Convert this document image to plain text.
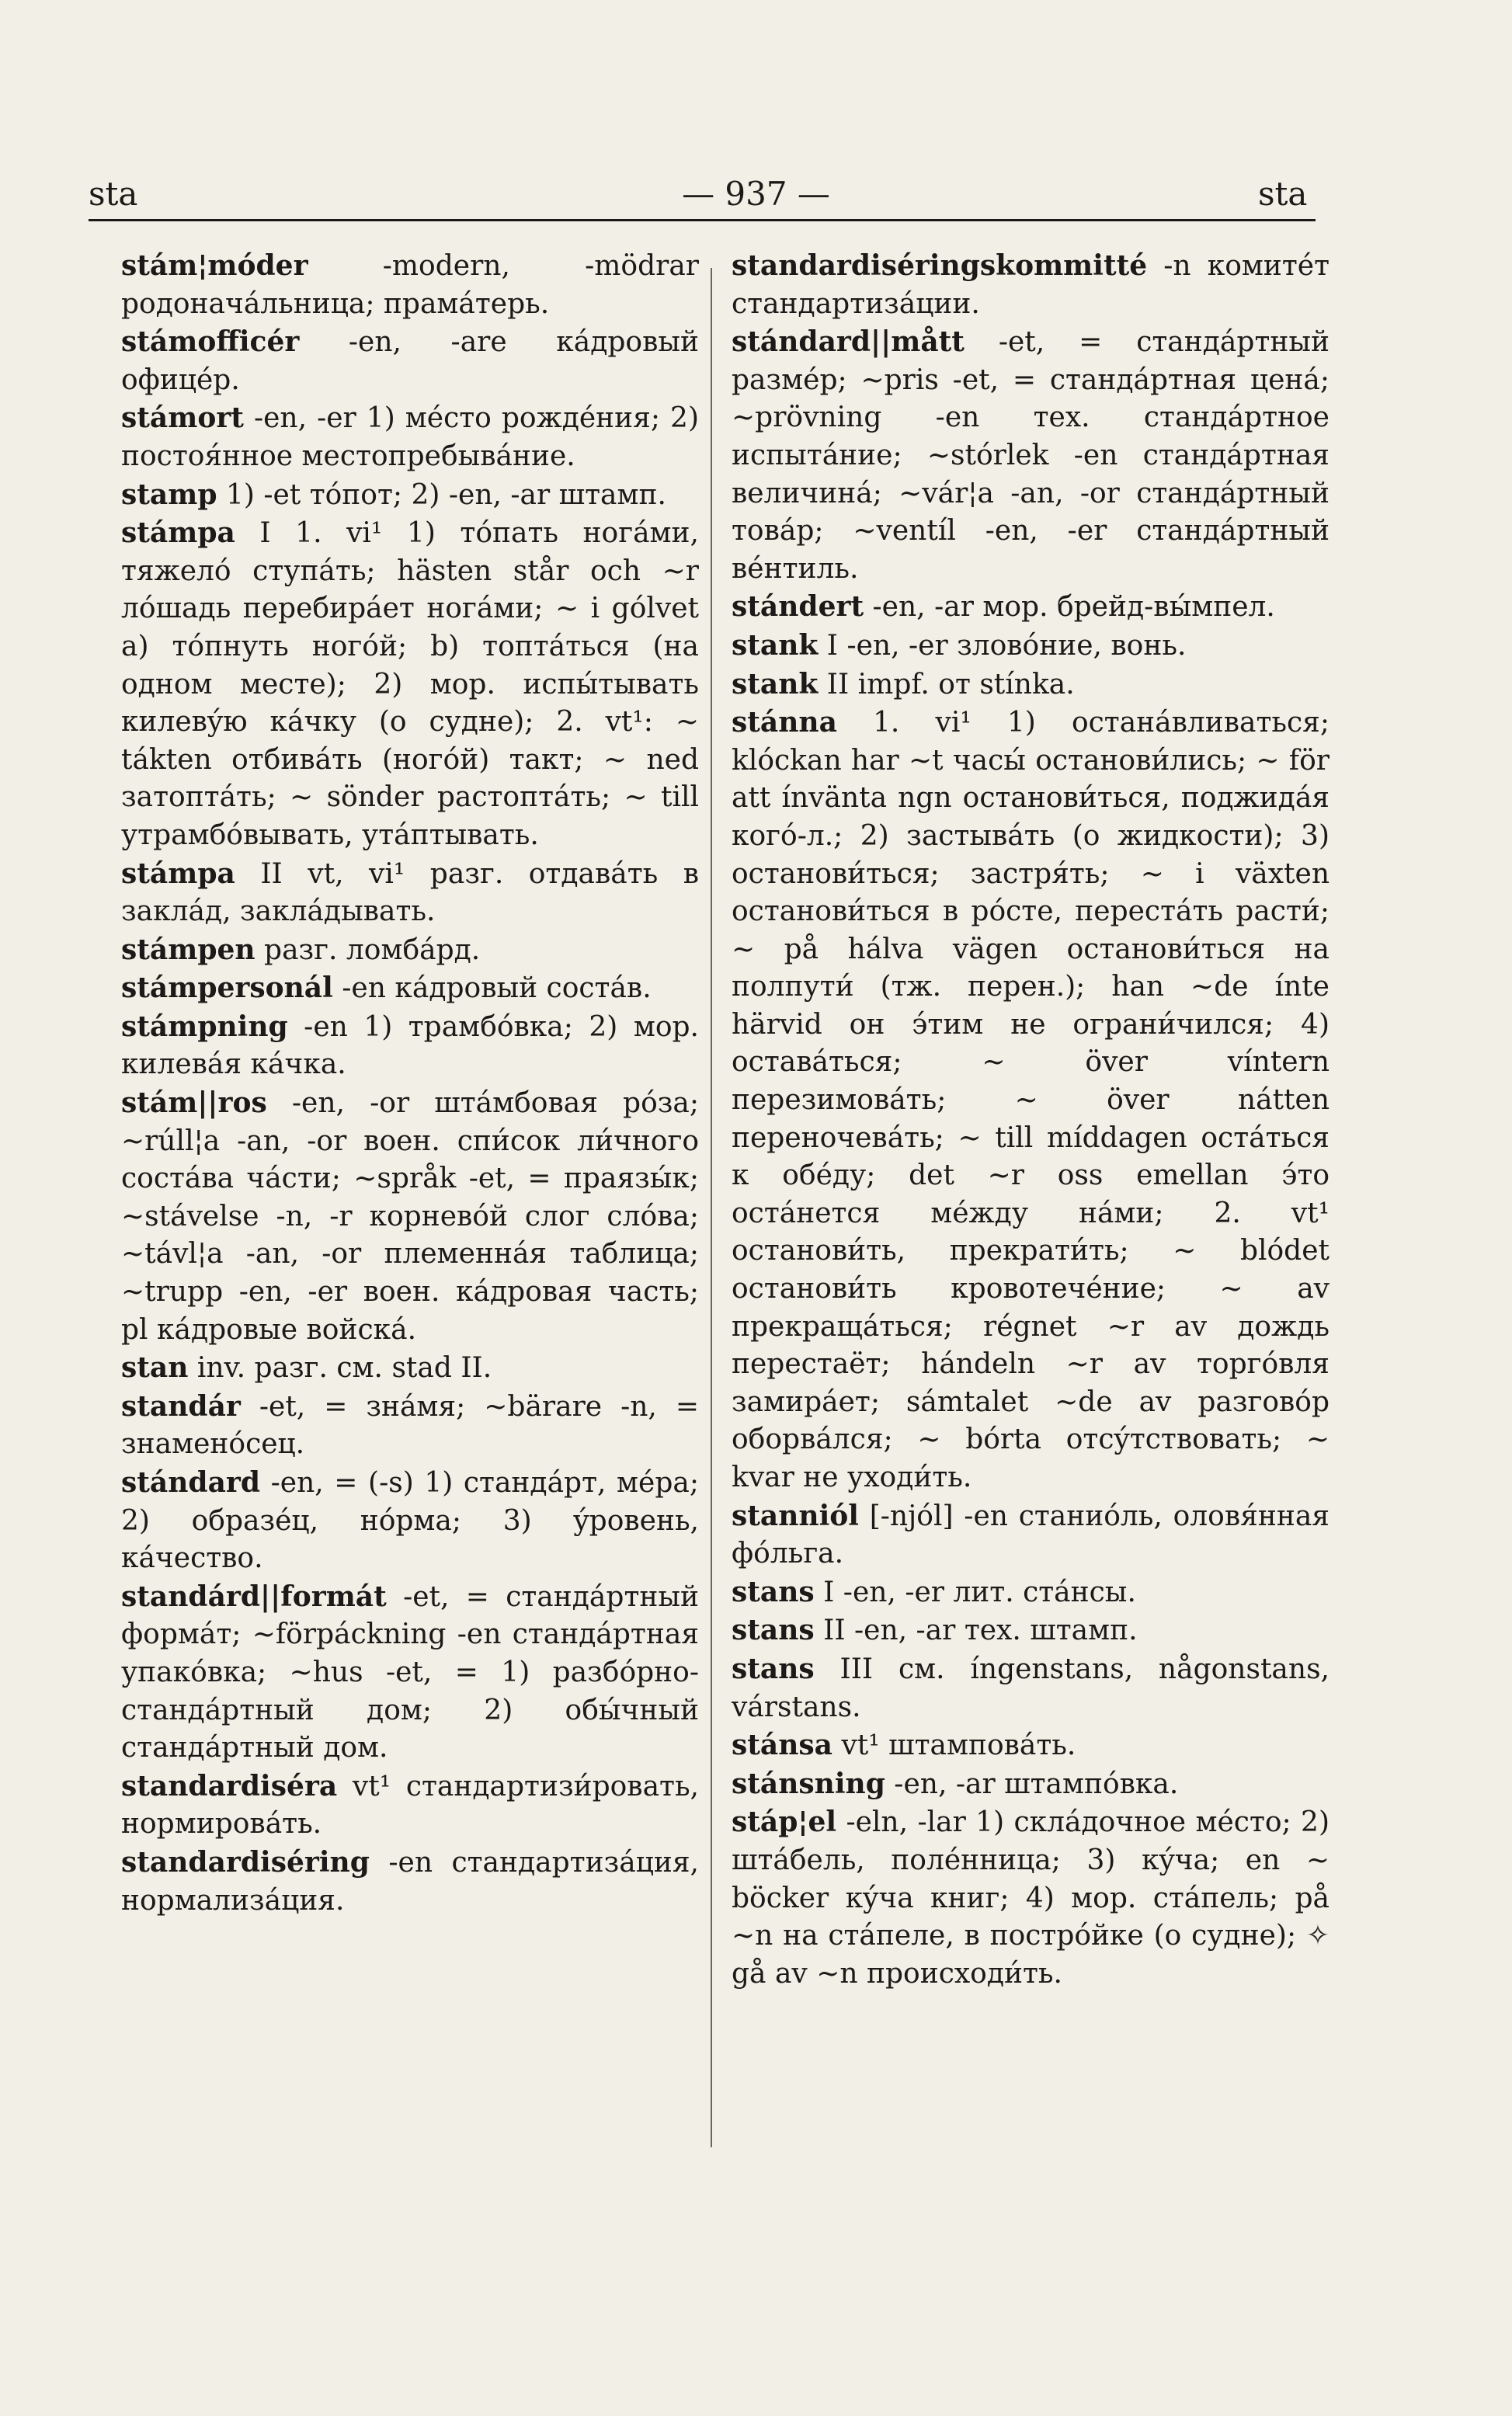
sta	— 937 —	sta

stám¦móder -modern, -mödrar родоначáльница; прамáтерь.

stámofficér -en, -are кáдровый офицéр.

stámort -en, -er 1) мéсто рождéния; 2) постоя́нное местопребывáние.

stamp 1) -et тóпот; 2) -en, -ar штамп.

stámpa I 1. vi¹ 1) тóпать ногáми, тяжелó ступáть; hästen står och ~r лóшадь перебирáет ногáми; ~ i gólvet а) тóпнуть ногóй; b) топтáться (на одном месте); 2) мор. испы́тывать килевýю кáчку (о судне); 2. vt¹: ~ tákten отбивáть (ногóй) такт; ~ ned затоптáть; ~ sönder растоптáть; ~ till утрамбóвывать, утáптывать.

stámpa II vt, vi¹ разг. отдавáть в заклáд, заклáдывать.

stámpen разг. ломбáрд.

stámpersonál -en кáдровый состáв.

stámpning -en 1) трамбóвка; 2) мор. килевáя кáчка.

stám||ros -en, -or штáмбовая рóза; ~rúll¦a -an, -or воен. спи́сок ли́чного состáва чáсти; ~språk -et, = праязы́к; ~stávelse -n, -r корневóй слог слóва; ~távl¦a -an, -or племеннáя таблица; ~trupp -en, -er воен. кáдровая часть; pl кáдровые войскá.

stan inv. разг. см. stad II.

standár -et, = знáмя; ~bärare -n, = знаменóсец.

stándard -en, = (-s) 1) стандáрт, мéра; 2) образéц, нóрма; 3) ýровень, кáчество.

standárd||formát -et, = стандáртный формáт; ~förpáckning -en стандáртная упакóвка; ~hus -et, = 1) разбóрно-стандáртный дом; 2) обы́чный стандáртный дом.

standardiséra vt¹ стандартизи́ровать, нормировáть.

standardiséring -en стандартизáция, нормализáция.

standardiséringskommitté -n комитéт стандартизáции.

stándard||mått -et, = стандáртный размéр; ~pris -et, = стандáртная ценá; ~prövning -en тех. стандáртное испытáние; ~stórlek -en стандáртная величинá; ~vár¦a -an, -or стандáртный товáр; ~ventíl -en, -er стандáртный вéнтиль.

stándert -en, -ar мор. брейд-вы́мпел.

stank I -en, -er зловóние, вонь.

stank II impf. от stínka.

stánna 1. vi¹ 1) остана́вливаться; klóckan har ~t часы́ останови́лись; ~ för att ínvänta ngn останови́ться, поджидáя когó-л.; 2) застывáть (о жидкости); 3) останови́ться; застря́ть; ~ i växten останови́ться в рóсте, перестáть расти́; ~ på hálva vägen останови́ться на полпути́ (тж. перен.); han ~de ínte härvid он э́тим не ограни́чился; 4) оставáться; ~ över víntern перезимовáть; ~ över nátten переночевáть; ~ till míddagen остáться к обéду; det ~r oss emellan э́то остáнется мéжду нáми; 2. vt¹ останови́ть, прекрати́ть; ~ blódet останови́ть кровотечéние; ~ av прекращáться; régnet ~r av дождь перестаёт; hándeln ~r av торгóвля замирáет; sámtalet ~de av разговóр оборвáлся; ~ bórta отсýтствовать; ~ kvar не уходи́ть.

stanniól [-njól] -en станиóль, оловя́нная фóльга.

stans I -en, -er лит. стáнсы.

stans II -en, -ar тех. штамп.

stans III см. íngenstans, någonstans, várstans.

stánsa vt¹ штамповáть.

stánsning -en, -ar штампóвка.

stáp¦el -eln, -lar 1) склáдочное мéсто; 2) штáбель, поле́нница; 3) кýча; en ~ böcker кýча книг; 4) мор. стáпель; på ~n на стáпеле, в пострóйке (о судне); ✧ gå av ~n происходи́ть.
